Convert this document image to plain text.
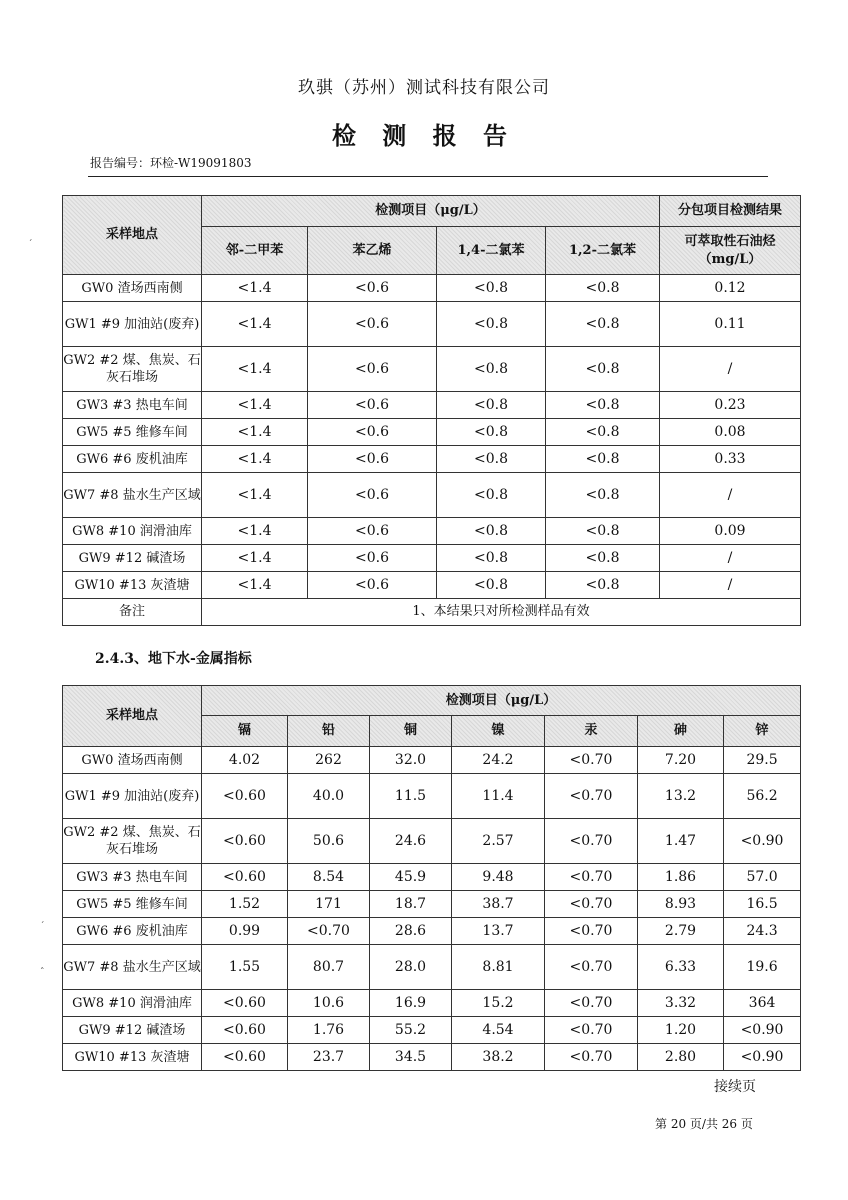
玖骐（苏州）测试科技有限公司
检 测 报 告
报告编号：环检-W19091803
采样地点	检测项目（μg/L）				分包项目检测结果
	邻-二甲苯	苯乙烯	1,4-二氯苯	1,2-二氯苯	可萃取性石油烃（mg/L）
GW0 渣场西南侧	<1.4	<0.6	<0.8	<0.8	0.12
GW1 #9 加油站(废弃)	<1.4	<0.6	<0.8	<0.8	0.11
GW2 #2 煤、焦炭、石灰石堆场	<1.4	<0.6	<0.8	<0.8	/
GW3 #3 热电车间	<1.4	<0.6	<0.8	<0.8	0.23
GW5 #5 维修车间	<1.4	<0.6	<0.8	<0.8	0.08
GW6 #6 废机油库	<1.4	<0.6	<0.8	<0.8	0.33
GW7 #8 盐水生产区域	<1.4	<0.6	<0.8	<0.8	/
GW8 #10 润滑油库	<1.4	<0.6	<0.8	<0.8	0.09
GW9 #12 碱渣场	<1.4	<0.6	<0.8	<0.8	/
GW10 #13 灰渣塘	<1.4	<0.6	<0.8	<0.8	/
备注	1、本结果只对所检测样品有效				
2.4.3、地下水-金属指标
采样地点	检测项目（μg/L）						
	镉	铅	铜	镍	汞	砷	锌
GW0 渣场西南侧	4.02	262	32.0	24.2	<0.70	7.20	29.5
GW1 #9 加油站(废弃)	<0.60	40.0	11.5	11.4	<0.70	13.2	56.2
GW2 #2 煤、焦炭、石灰石堆场	<0.60	50.6	24.6	2.57	<0.70	1.47	<0.90
GW3 #3 热电车间	<0.60	8.54	45.9	9.48	<0.70	1.86	57.0
GW5 #5 维修车间	1.52	171	18.7	38.7	<0.70	8.93	16.5
GW6 #6 废机油库	0.99	<0.70	28.6	13.7	<0.70	2.79	24.3
GW7 #8 盐水生产区域	1.55	80.7	28.0	8.81	<0.70	6.33	19.6
GW8 #10 润滑油库	<0.60	10.6	16.9	15.2	<0.70	3.32	364
GW9 #12 碱渣场	<0.60	1.76	55.2	4.54	<0.70	1.20	<0.90
GW10 #13 灰渣塘	<0.60	23.7	34.5	38.2	<0.70	2.80	<0.90
接续页
第 20 页/共 26 页
ˊ
ˊ
ˆ
